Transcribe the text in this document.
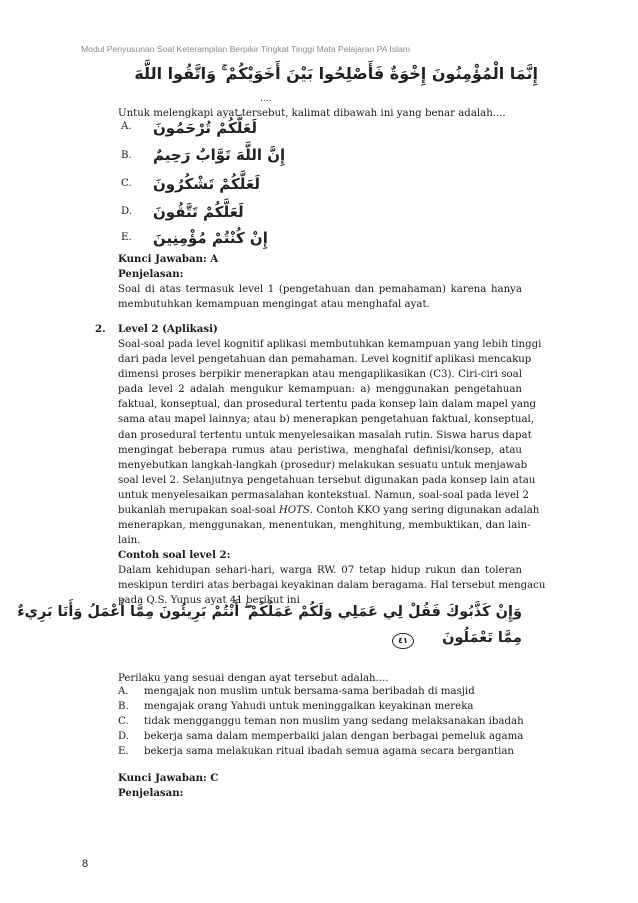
Modul Penyusunan Soal Keterampilan Berpikir Tingkat Tinggi Mata Pelajaran PA Islam
إِنَّمَا الْمُؤْمِنُونَ إِخْوَةٌ فَأَصْلِحُوا بَيْنَ أَخَوَيْكُمْ ۚ وَاتَّقُوا اللَّهَ
....
Untuk melengkapi ayat tersebut, kalimat dibawah ini yang benar adalah....
A. لَعَلَّكُمْ تُرْحَمُونَ
B. إِنَّ اللَّهَ تَوَّابٌ رَحِيمٌ
C. لَعَلَّكُمْ تَشْكُرُونَ
D. لَعَلَّكُمْ تَتَّقُونَ
E. إِنْ كُنْتُمْ مُؤْمِنِينَ
Kunci Jawaban: A
Penjelasan:
Soal di atas termasuk level 1 (pengetahuan dan pemahaman) karena hanya
membutuhkan kemampuan mengingat atau menghafal ayat.
2. Level 2 (Aplikasi)
Soal-soal pada level kognitif aplikasi membutuhkan kemampuan yang lebih tinggi
dari pada level pengetahuan dan pemahaman. Level kognitif aplikasi mencakup
dimensi proses berpikir menerapkan atau mengaplikasikan (C3). Ciri-ciri soal
pada level 2 adalah mengukur kemampuan: a) menggunakan pengetahuan
faktual, konseptual, dan prosedural tertentu pada konsep lain dalam mapel yang
sama atau mapel lainnya; atau b) menerapkan pengetahuan faktual, konseptual,
dan prosedural tertentu untuk menyelesaikan masalah rutin. Siswa harus dapat
mengingat beberapa rumus atau peristiwa, menghafal definisi/konsep, atau
menyebutkan langkah-langkah (prosedur) melakukan sesuatu untuk menjawab
soal level 2. Selanjutnya pengetahuan tersebut digunakan pada konsep lain atau
untuk menyelesaikan permasalahan kontekstual. Namun, soal-soal pada level 2
bukanlah merupakan soal-soal HOTS. Contoh KKO yang sering digunakan adalah
menerapkan, menggunakan, menentukan, menghitung, membuktikan, dan lain-
lain.
Contoh soal level 2:
Dalam kehidupan sehari-hari, warga RW. 07 tetap hidup rukun dan toleran
meskipun terdiri atas berbagai keyakinan dalam beragama. Hal tersebut mengacu
pada Q.S. Yunus ayat 41 berikut ini
وَإِنْ كَذَّبُوكَ فَقُلْ لِي عَمَلِي وَلَكُمْ عَمَلُكُمْ ۖ أَنْتُمْ بَرِيئُونَ مِمَّا أَعْمَلُ وَأَنَا بَرِيءٌ
٤١	مِمَّا تَعْمَلُونَ
Perilaku yang sesuai dengan ayat tersebut adalah....
A. mengajak non muslim untuk bersama-sama beribadah di masjid
B. mengajak orang Yahudi untuk meninggalkan keyakinan mereka
C. tidak mengganggu teman non muslim yang sedang melaksanakan ibadah
D. bekerja sama dalam memperbaiki jalan dengan berbagai pemeluk agama
E. bekerja sama melakukan ritual ibadah semua agama secara bergantian
Kunci Jawaban: C
Penjelasan:
8
